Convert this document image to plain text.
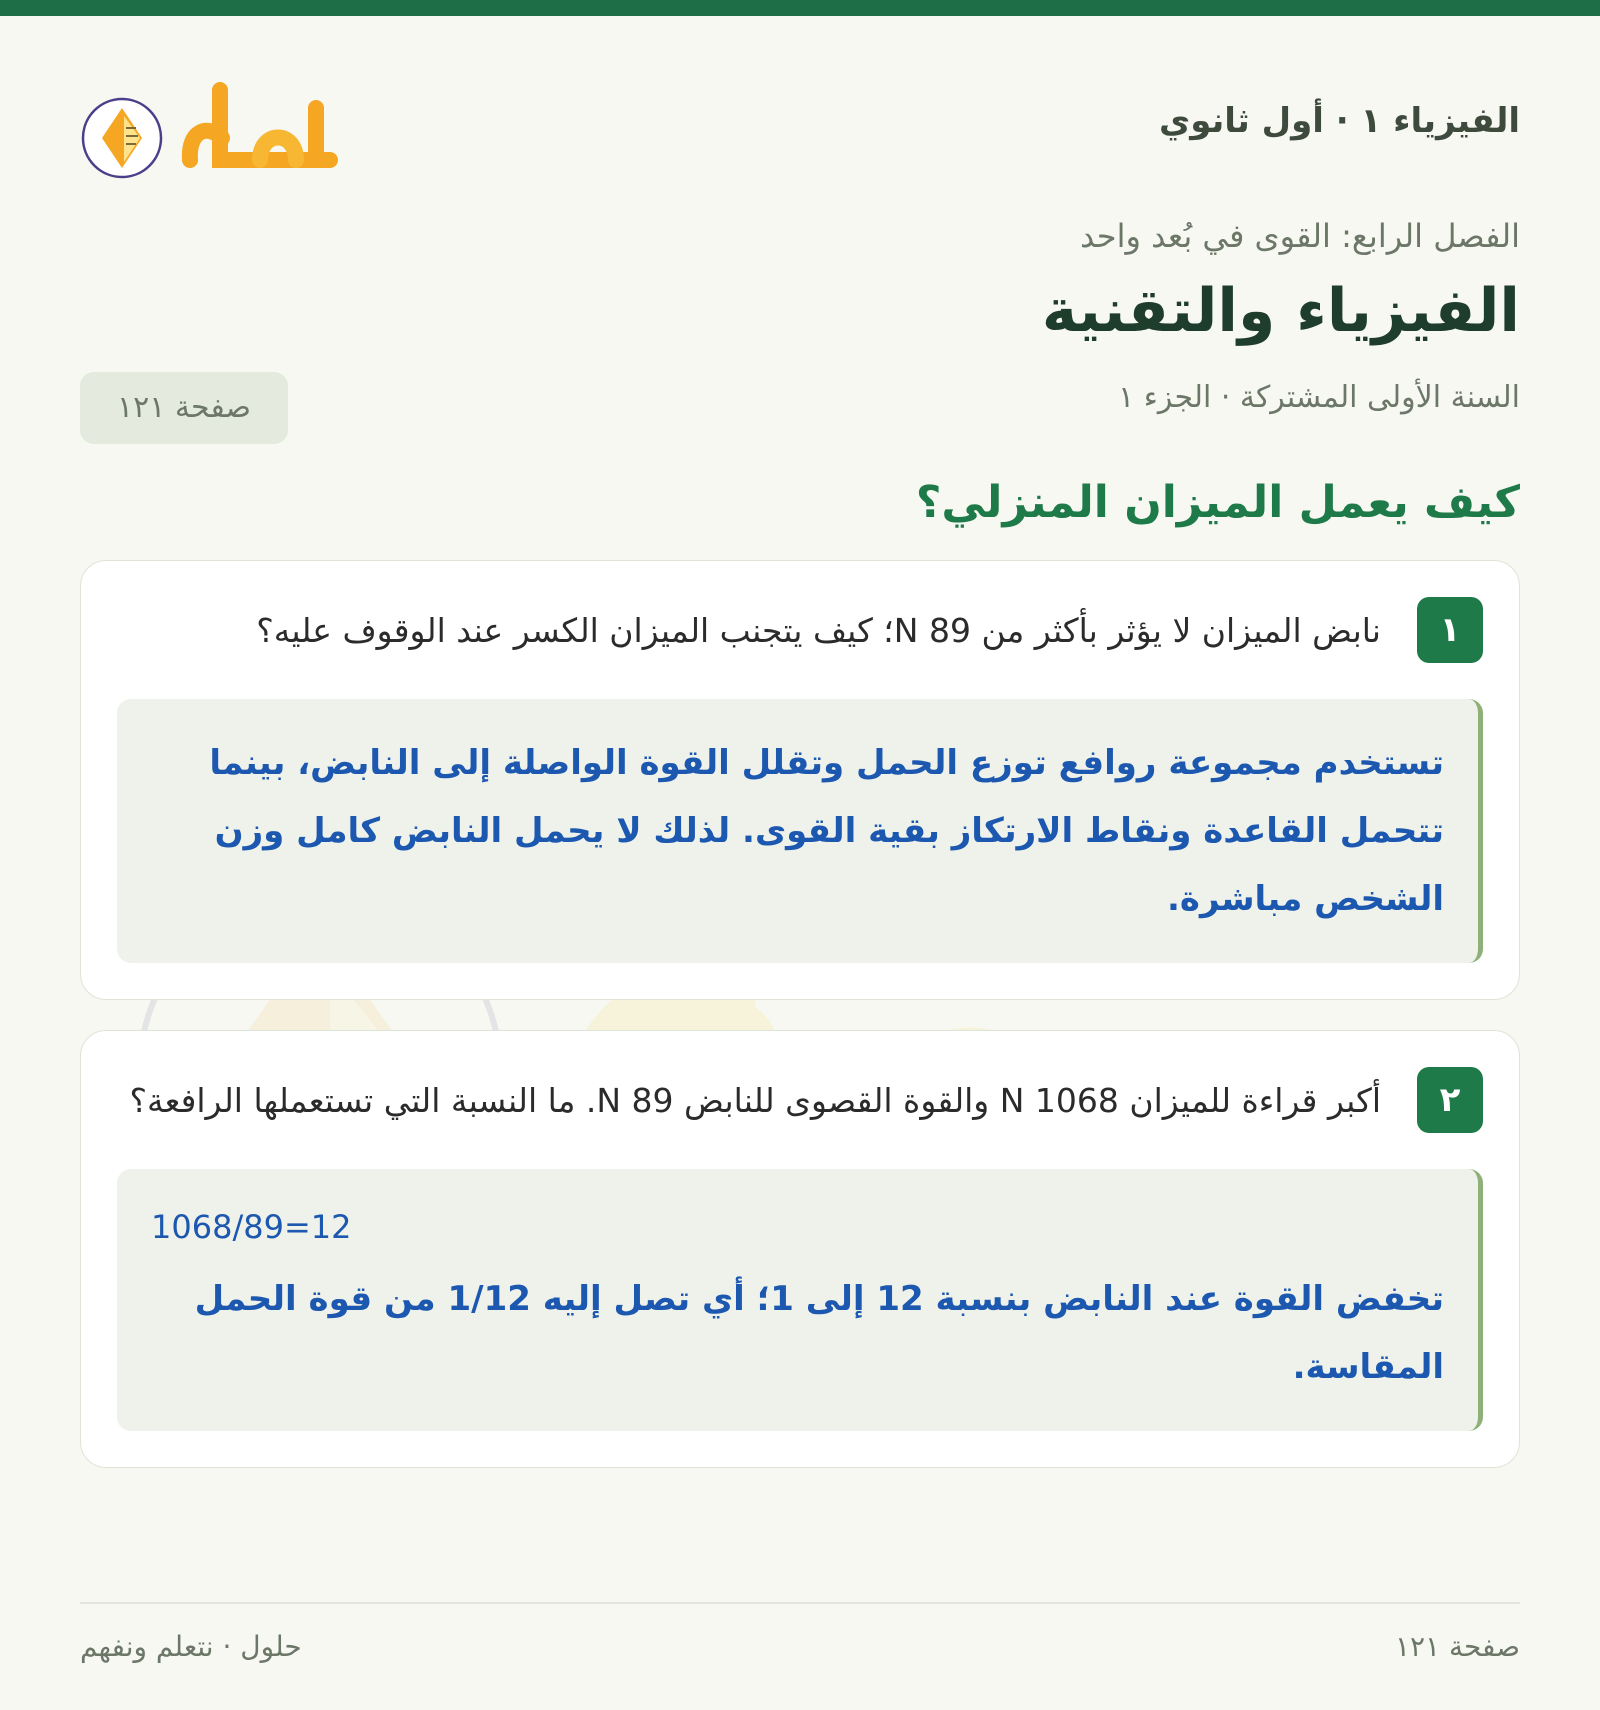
الفيزياء ١ · أول ثانوي
الفصل الرابع: القوى في بُعد واحد
الفيزياء والتقنية
السنة الأولى المشتركة · الجزء ١
صفحة ١٢١
كيف يعمل الميزان المنزلي؟
١
نابض الميزان لا يؤثر بأكثر من 89 N؛ كيف يتجنب الميزان الكسر عند الوقوف عليه؟
تستخدم مجموعة روافع توزع الحمل وتقلل القوة الواصلة إلى النابض، بينما تتحمل القاعدة ونقاط الارتكاز بقية القوى. لذلك لا يحمل النابض كامل وزن الشخص مباشرة.
٢
أكبر قراءة للميزان 1068 N والقوة القصوى للنابض 89 N. ما النسبة التي تستعملها الرافعة؟
1068/89=12
تخفض القوة عند النابض بنسبة 12 إلى 1؛ أي تصل إليه 1/12 من قوة الحمل المقاسة.
صفحة ١٢١
حلول · نتعلم ونفهم
